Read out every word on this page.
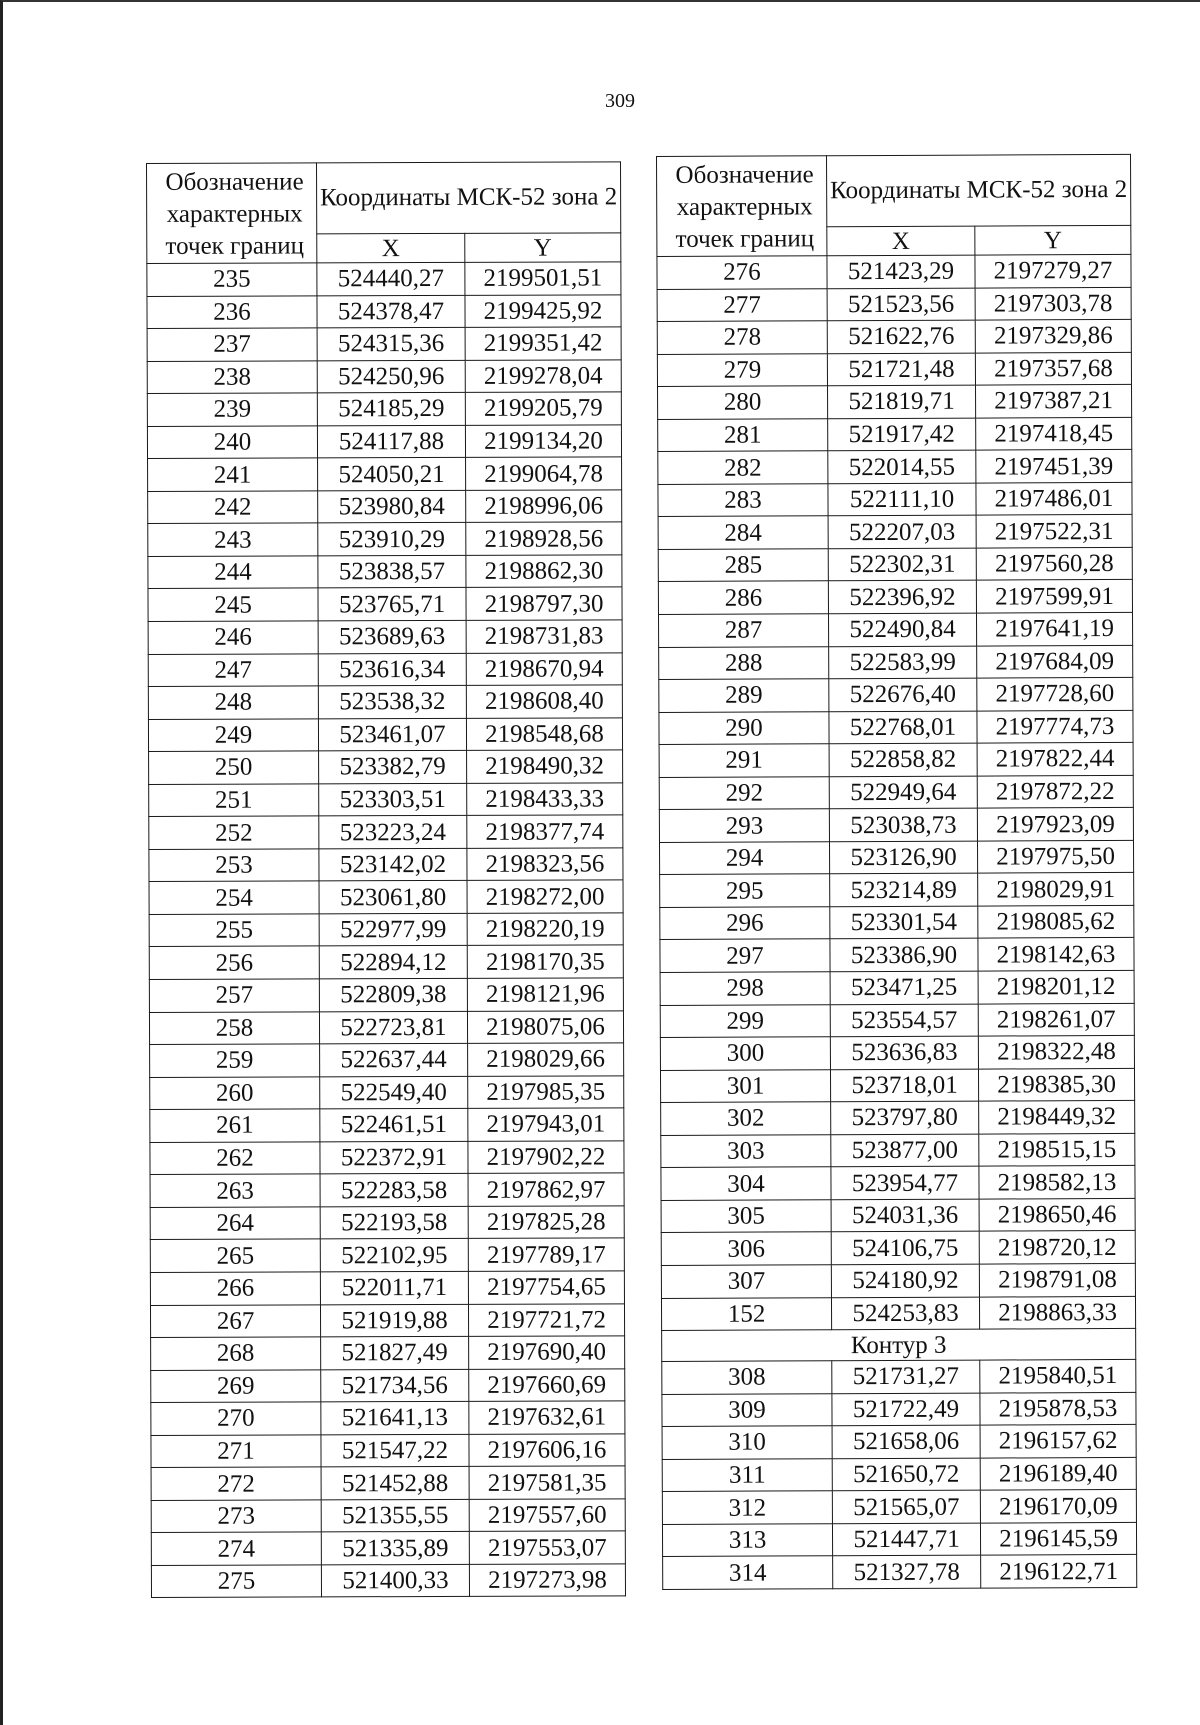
309
Обозначение характерных точек границ	Координаты МСК-52 зона 2	
	X	Y
235	524440,27	2199501,51
236	524378,47	2199425,92
237	524315,36	2199351,42
238	524250,96	2199278,04
239	524185,29	2199205,79
240	524117,88	2199134,20
241	524050,21	2199064,78
242	523980,84	2198996,06
243	523910,29	2198928,56
244	523838,57	2198862,30
245	523765,71	2198797,30
246	523689,63	2198731,83
247	523616,34	2198670,94
248	523538,32	2198608,40
249	523461,07	2198548,68
250	523382,79	2198490,32
251	523303,51	2198433,33
252	523223,24	2198377,74
253	523142,02	2198323,56
254	523061,80	2198272,00
255	522977,99	2198220,19
256	522894,12	2198170,35
257	522809,38	2198121,96
258	522723,81	2198075,06
259	522637,44	2198029,66
260	522549,40	2197985,35
261	522461,51	2197943,01
262	522372,91	2197902,22
263	522283,58	2197862,97
264	522193,58	2197825,28
265	522102,95	2197789,17
266	522011,71	2197754,65
267	521919,88	2197721,72
268	521827,49	2197690,40
269	521734,56	2197660,69
270	521641,13	2197632,61
271	521547,22	2197606,16
272	521452,88	2197581,35
273	521355,55	2197557,60
274	521335,89	2197553,07
275	521400,33	2197273,98
Обозначение характерных точек границ	Координаты МСК-52 зона 2	
	X	Y
276	521423,29	2197279,27
277	521523,56	2197303,78
278	521622,76	2197329,86
279	521721,48	2197357,68
280	521819,71	2197387,21
281	521917,42	2197418,45
282	522014,55	2197451,39
283	522111,10	2197486,01
284	522207,03	2197522,31
285	522302,31	2197560,28
286	522396,92	2197599,91
287	522490,84	2197641,19
288	522583,99	2197684,09
289	522676,40	2197728,60
290	522768,01	2197774,73
291	522858,82	2197822,44
292	522949,64	2197872,22
293	523038,73	2197923,09
294	523126,90	2197975,50
295	523214,89	2198029,91
296	523301,54	2198085,62
297	523386,90	2198142,63
298	523471,25	2198201,12
299	523554,57	2198261,07
300	523636,83	2198322,48
301	523718,01	2198385,30
302	523797,80	2198449,32
303	523877,00	2198515,15
304	523954,77	2198582,13
305	524031,36	2198650,46
306	524106,75	2198720,12
307	524180,92	2198791,08
152	524253,83	2198863,33
Контур 3		
308	521731,27	2195840,51
309	521722,49	2195878,53
310	521658,06	2196157,62
311	521650,72	2196189,40
312	521565,07	2196170,09
313	521447,71	2196145,59
314	521327,78	2196122,71
